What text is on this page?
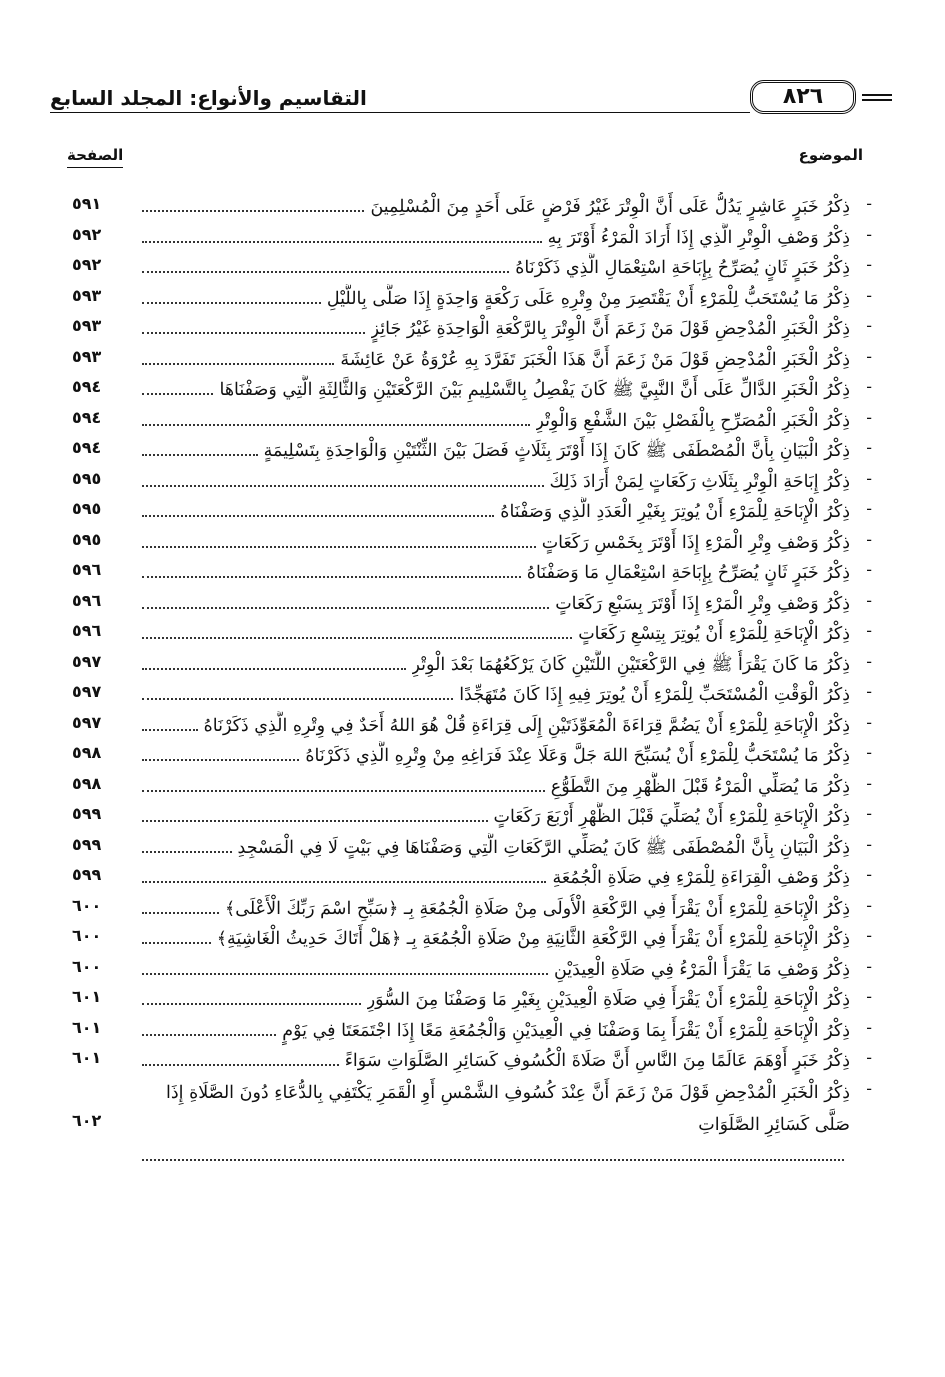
التقاسيم والأنواع: المجلد السابع	٨٢٦
الموضوع
الصفحة
-
ذِكْرُ خَبَرٍ عَاشِرٍ يَدُلُّ عَلَى أَنَّ الْوِتْرَ غَيْرُ فَرْضٍ عَلَى أَحَدٍ مِنَ الْمُسْلِمِينَ
٥٩١
-
ذِكْرُ وَصْفِ الْوِتْرِ الَّذِي إِذَا أَرَادَ الْمَرْءُ أَوْتَرَ بِهِ
٥٩٢
-
ذِكْرُ خَبَرٍ ثَانٍ يُصَرِّحُ بِإِبَاحَةِ اسْتِعْمَالِ الَّذِي ذَكَرْنَاهُ
٥٩٢
-
ذِكْرُ مَا يُسْتَحَبُّ لِلْمَرْءِ أَنْ يَقْتَصِرَ مِنْ وِتْرِهِ عَلَى رَكْعَةٍ وَاحِدَةٍ إِذَا صَلَّى بِاللَّيْلِ
٥٩٣
-
ذِكْرُ الْخَبَرِ الْمُدْحِضِ قَوْلَ مَنْ زَعَمَ أَنَّ الْوِتْرَ بِالرَّكْعَةِ الْوَاحِدَةِ غَيْرُ جَائِزٍ
٥٩٣
-
ذِكْرُ الْخَبَرِ الْمُدْحِضِ قَوْلَ مَنْ زَعَمَ أَنَّ هَذَا الْخَبَرَ تَفَرَّدَ بِهِ عُرْوَةُ عَنْ عَائِشَةَ
٥٩٣
-
ذِكْرُ الْخَبَرِ الدَّالِّ عَلَى أَنَّ النَّبِيَّ ﷺ كَانَ يَفْصِلُ بِالتَّسْلِيمِ بَيْنَ الرَّكْعَتَيْنِ وَالثَّالِثَةِ الَّتِي وَصَفْنَاهَا
٥٩٤
-
ذِكْرُ الْخَبَرِ الْمُصَرِّحِ بِالْفَصْلِ بَيْنَ الشَّفْعِ وَالْوِتْرِ
٥٩٤
-
ذِكْرُ الْبَيَانِ بِأَنَّ الْمُصْطَفَى ﷺ كَانَ إِذَا أَوْتَرَ بِثَلَاثٍ فَصَلَ بَيْنَ الثِّنْتَيْنِ وَالْوَاحِدَةِ بِتَسْلِيمَةٍ
٥٩٤
-
ذِكْرُ إِبَاحَةِ الْوِتْرِ بِثَلَاثِ رَكَعَاتٍ لِمَنْ أَرَادَ ذَلِكَ
٥٩٥
-
ذِكْرُ الْإِبَاحَةِ لِلْمَرْءِ أَنْ يُوتِرَ بِغَيْرِ الْعَدَدِ الَّذِي وَصَفْنَاهُ
٥٩٥
-
ذِكْرُ وَصْفِ وِتْرِ الْمَرْءِ إِذَا أَوْتَرَ بِخَمْسِ رَكَعَاتٍ
٥٩٥
-
ذِكْرُ خَبَرٍ ثَانٍ يُصَرِّحُ بِإِبَاحَةِ اسْتِعْمَالِ مَا وَصَفْنَاهُ
٥٩٦
-
ذِكْرُ وَصْفِ وِتْرِ الْمَرْءِ إِذَا أَوْتَرَ بِسَبْعِ رَكَعَاتٍ
٥٩٦
-
ذِكْرُ الْإِبَاحَةِ لِلْمَرْءِ أَنْ يُوتِرَ بِتِسْعِ رَكَعَاتٍ
٥٩٦
-
ذِكْرُ مَا كَانَ يَقْرَأُ ﷺ فِي الرَّكْعَتَيْنِ اللَّتَيْنِ كَانَ يَرْكَعُهُمَا بَعْدَ الْوِتْرِ
٥٩٧
-
ذِكْرُ الْوَقْتِ الْمُسْتَحَبِّ لِلْمَرْءِ أَنْ يُوتِرَ فِيهِ إِذَا كَانَ مُتَهَجِّدًا
٥٩٧
-
ذِكْرُ الْإِبَاحَةِ لِلْمَرْءِ أَنْ يَضُمَّ قِرَاءَةَ الْمُعَوِّذَتَيْنِ إِلَى قِرَاءَةِ قُلْ هُوَ اللهُ أَحَدٌ فِي وِتْرِهِ الَّذِي ذَكَرْنَاهُ
٥٩٧
-
ذِكْرُ مَا يُسْتَحَبُّ لِلْمَرْءِ أَنْ يُسَبِّحَ اللهَ جَلَّ وَعَلَا عِنْدَ فَرَاغِهِ مِنْ وِتْرِهِ الَّذِي ذَكَرْنَاهُ
٥٩٨
-
ذِكْرُ مَا يُصَلِّي الْمَرْءُ قَبْلَ الظُّهْرِ مِنَ التَّطَوُّعِ
٥٩٨
-
ذِكْرُ الْإِبَاحَةِ لِلْمَرْءِ أَنْ يُصَلِّيَ قَبْلَ الظُّهْرِ أَرْبَعَ رَكَعَاتٍ
٥٩٩
-
ذِكْرُ الْبَيَانِ بِأَنَّ الْمُصْطَفَى ﷺ كَانَ يُصَلِّي الرَّكَعَاتِ الَّتِي وَصَفْنَاهَا فِي بَيْتٍ لَا فِي الْمَسْجِدِ
٥٩٩
-
ذِكْرُ وَصْفِ الْقِرَاءَةِ لِلْمَرْءِ فِي صَلَاةِ الْجُمُعَةِ
٥٩٩
-
ذِكْرُ الْإِبَاحَةِ لِلْمَرْءِ أَنْ يَقْرَأَ فِي الرَّكْعَةِ الْأُولَى مِنْ صَلَاةِ الْجُمُعَةِ بِـ ﴿سَبِّحِ اسْمَ رَبِّكَ الْأَعْلَى﴾
٦٠٠
-
ذِكْرُ الْإِبَاحَةِ لِلْمَرْءِ أَنْ يَقْرَأَ فِي الرَّكْعَةِ الثَّانِيَةِ مِنْ صَلَاةِ الْجُمُعَةِ بِـ ﴿هَلْ أَتَاكَ حَدِيثُ الْغَاشِيَةِ﴾
٦٠٠
-
ذِكْرُ وَصْفِ مَا يَقْرَأُ الْمَرْءُ فِي صَلَاةِ الْعِيدَيْنِ
٦٠٠
-
ذِكْرُ الْإِبَاحَةِ لِلْمَرْءِ أَنْ يَقْرَأَ فِي صَلَاةِ الْعِيدَيْنِ بِغَيْرِ مَا وَصَفْنَا مِنَ السُّوَرِ
٦٠١
-
ذِكْرُ الْإِبَاحَةِ لِلْمَرْءِ أَنْ يَقْرَأَ بِمَا وَصَفْنَا فِي الْعِيدَيْنِ وَالْجُمُعَةِ مَعًا إِذَا اجْتَمَعَتَا فِي يَوْمٍ
٦٠١
-
ذِكْرُ خَبَرٍ أَوْهَمَ عَالَمًا مِنَ النَّاسِ أَنَّ صَلَاةَ الْكُسُوفِ كَسَائِرِ الصَّلَوَاتِ سَوَاءً
٦٠١
-
ذِكْرُ الْخَبَرِ الْمُدْحِضِ قَوْلَ مَنْ زَعَمَ أَنَّ عِنْدَ كُسُوفِ الشَّمْسِ أَوِ الْقَمَرِ يَكْتَفِي بِالدُّعَاءِ دُونَ الصَّلَاةِ إِذَا صَلَّى كَسَائِرِ الصَّلَوَاتِ
٦٠٢
